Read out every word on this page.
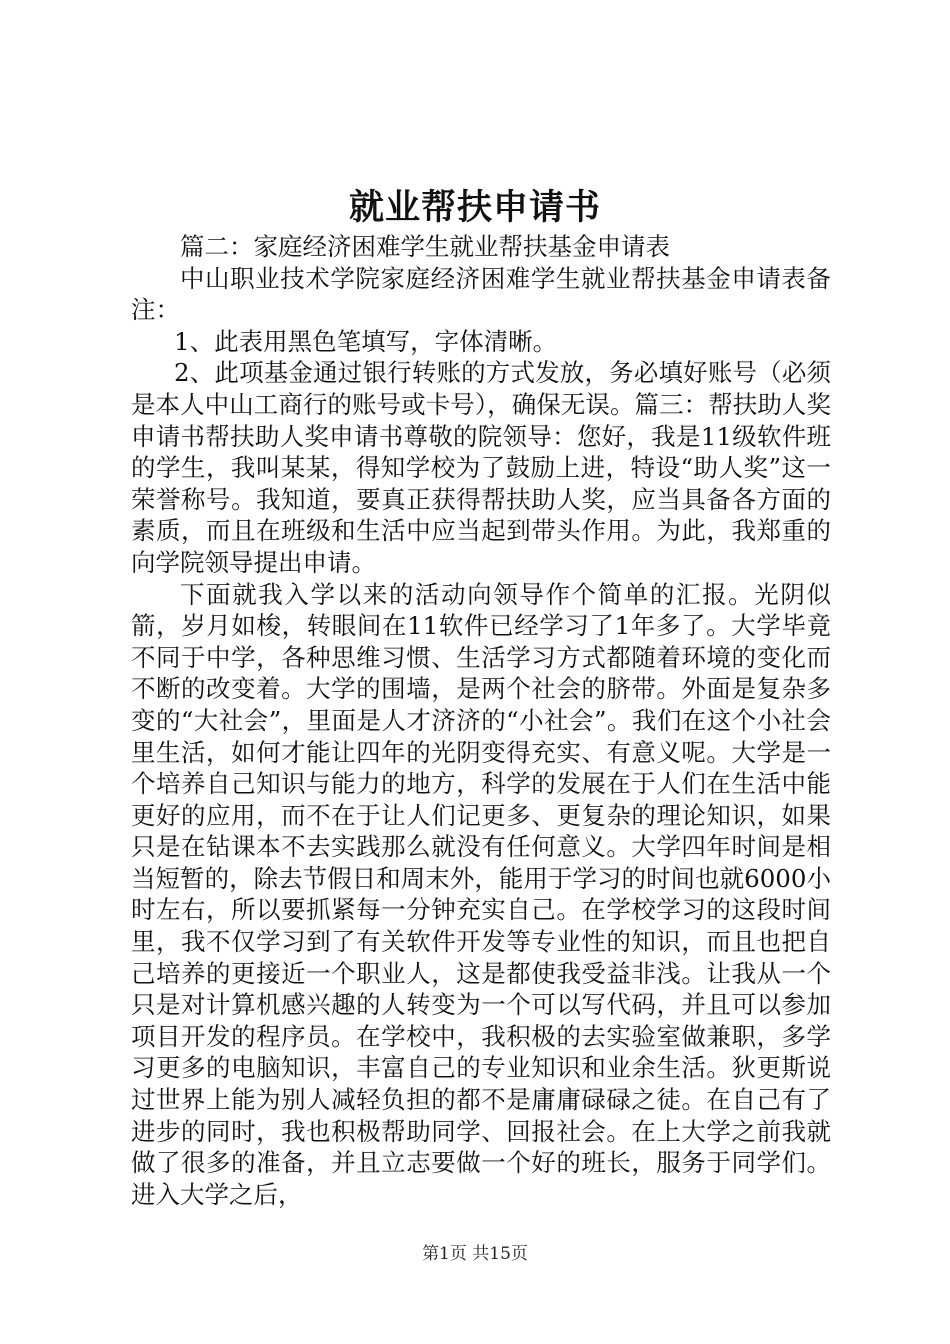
就业帮扶申请书

篇二：家庭经济困难学生就业帮扶基金申请表

中山职业技术学院家庭经济困难学生就业帮扶基金申请表备注：

1、此表用黑色笔填写，字体清晰。

2、此项基金通过银行转账的方式发放，务必填好账号（必须是本人中山工商行的账号或卡号），确保无误。篇三：帮扶助人奖申请书帮扶助人奖申请书尊敬的院领导：您好，我是11级软件班的学生，我叫某某，得知学校为了鼓励上进，特设“助人奖”这一荣誉称号。我知道，要真正获得帮扶助人奖，应当具备各方面的素质，而且在班级和生活中应当起到带头作用。为此，我郑重的向学院领导提出申请。

下面就我入学以来的活动向领导作个简单的汇报。光阴似箭，岁月如梭，转眼间在11软件已经学习了1年多了。大学毕竟不同于中学，各种思维习惯、生活学习方式都随着环境的变化而不断的改变着。大学的围墙，是两个社会的脐带。外面是复杂多变的“大社会”，里面是人才济济的“小社会”。我们在这个小社会里生活，如何才能让四年的光阴变得充实、有意义呢。大学是一个培养自己知识与能力的地方，科学的发展在于人们在生活中能更好的应用，而不在于让人们记更多、更复杂的理论知识，如果只是在钻课本不去实践那么就没有任何意义。大学四年时间是相当短暂的，除去节假日和周末外，能用于学习的时间也就6000小时左右，所以要抓紧每一分钟充实自己。在学校学习的这段时间里，我不仅学习到了有关软件开发等专业性的知识，而且也把自己培养的更接近一个职业人，这是都使我受益非浅。让我从一个只是对计算机感兴趣的人转变为一个可以写代码，并且可以参加项目开发的程序员。在学校中，我积极的去实验室做兼职，多学习更多的电脑知识，丰富自己的专业知识和业余生活。狄更斯说过世界上能为别人减轻负担的都不是庸庸碌碌之徒。在自己有了进步的同时，我也积极帮助同学、回报社会。在上大学之前我就做了很多的准备，并且立志要做一个好的班长，服务于同学们。进入大学之后，

第1页 共15页
